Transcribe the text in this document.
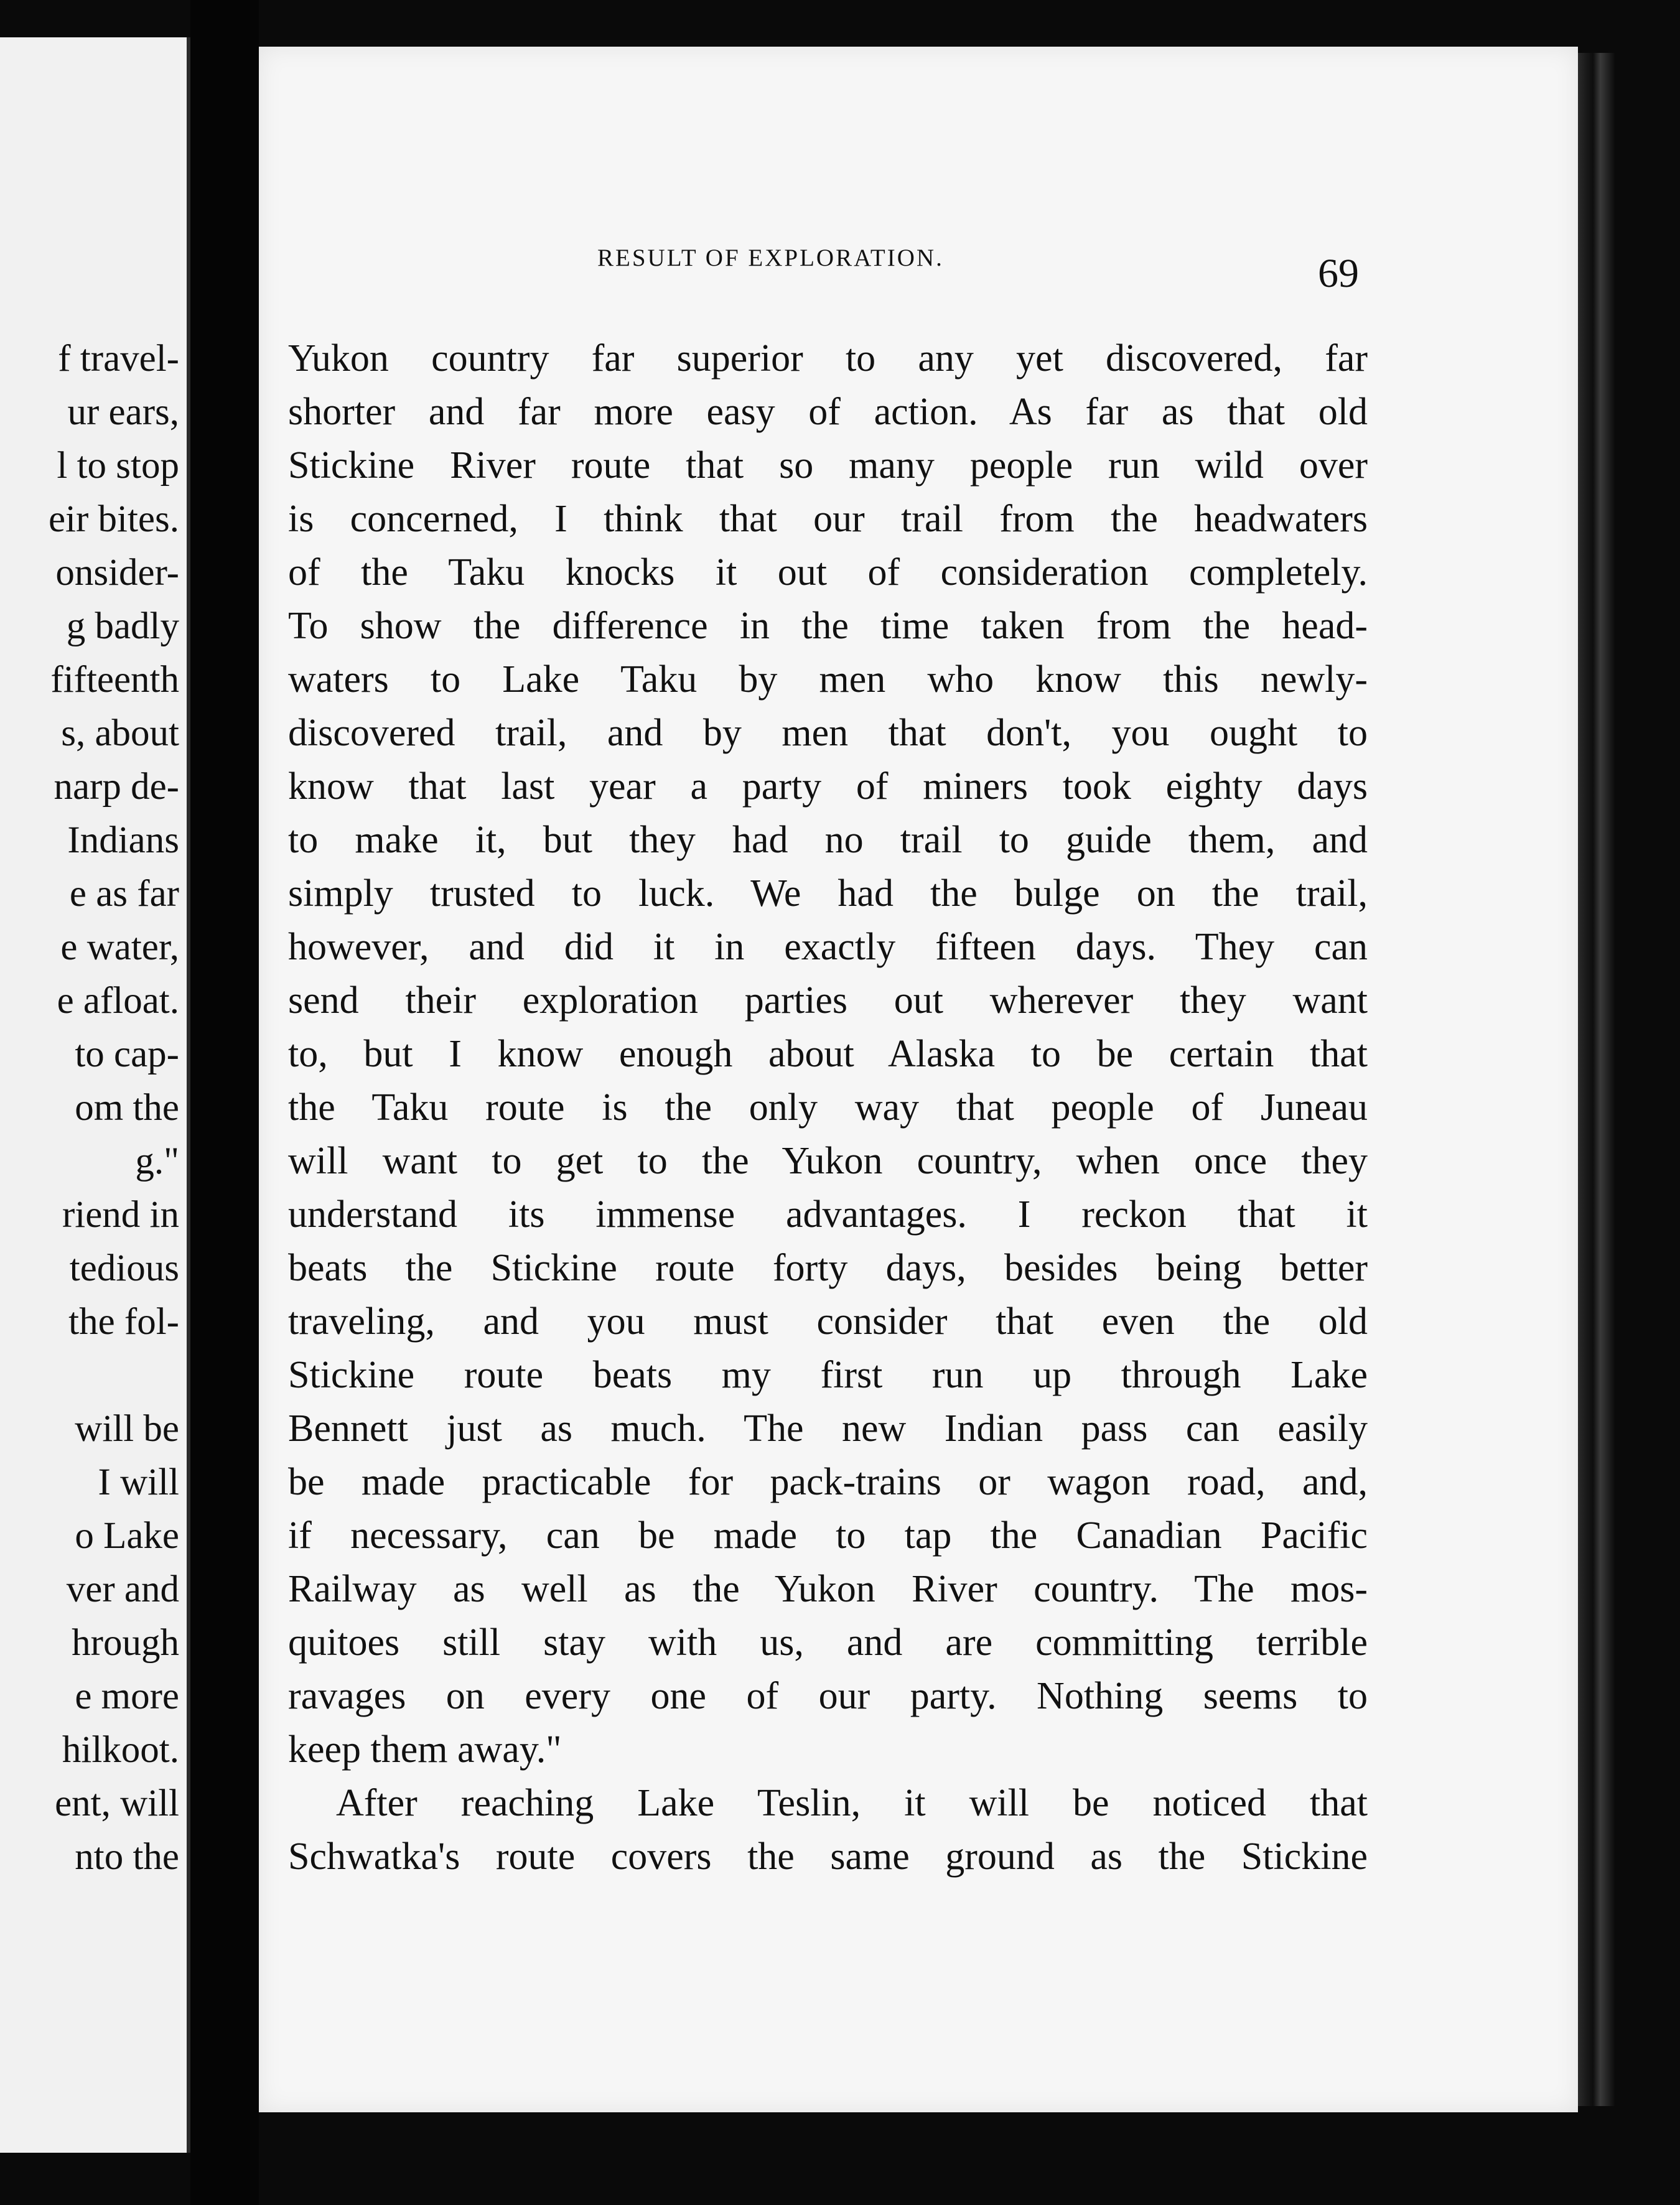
f travel-
ur ears,
l to stop
eir bites.
onsider-
g badly
fifteenth
s, about
narp de-
Indians
e as far
e water,
e afloat.
to cap-
om the
g."
riend in
tedious
the fol-
will be
I will
o Lake
ver and
hrough
e more
hilkoot.
ent, will
nto the
RESULT OF EXPLORATION.	69
Yukon country far superior to any yet discovered, far
shorter and far more easy of action. As far as that old
Stickine River route that so many people run wild over
is concerned, I think that our trail from the headwaters
of the Taku knocks it out of consideration completely.
To show the difference in the time taken from the head-
waters to Lake Taku by men who know this newly-
discovered trail, and by men that don't, you ought to
know that last year a party of miners took eighty days
to make it, but they had no trail to guide them, and
simply trusted to luck. We had the bulge on the trail,
however, and did it in exactly fifteen days. They can
send their exploration parties out wherever they want
to, but I know enough about Alaska to be certain that
the Taku route is the only way that people of Juneau
will want to get to the Yukon country, when once they
understand its immense advantages. I reckon that it
beats the Stickine route forty days, besides being better
traveling, and you must consider that even the old
Stickine route beats my first run up through Lake
Bennett just as much. The new Indian pass can easily
be made practicable for pack-trains or wagon road, and,
if necessary, can be made to tap the Canadian Pacific
Railway as well as the Yukon River country. The mos-
quitoes still stay with us, and are committing terrible
ravages on every one of our party. Nothing seems to
keep them away."
After reaching Lake Teslin, it will be noticed that
Schwatka's route covers the same ground as the Stickine
